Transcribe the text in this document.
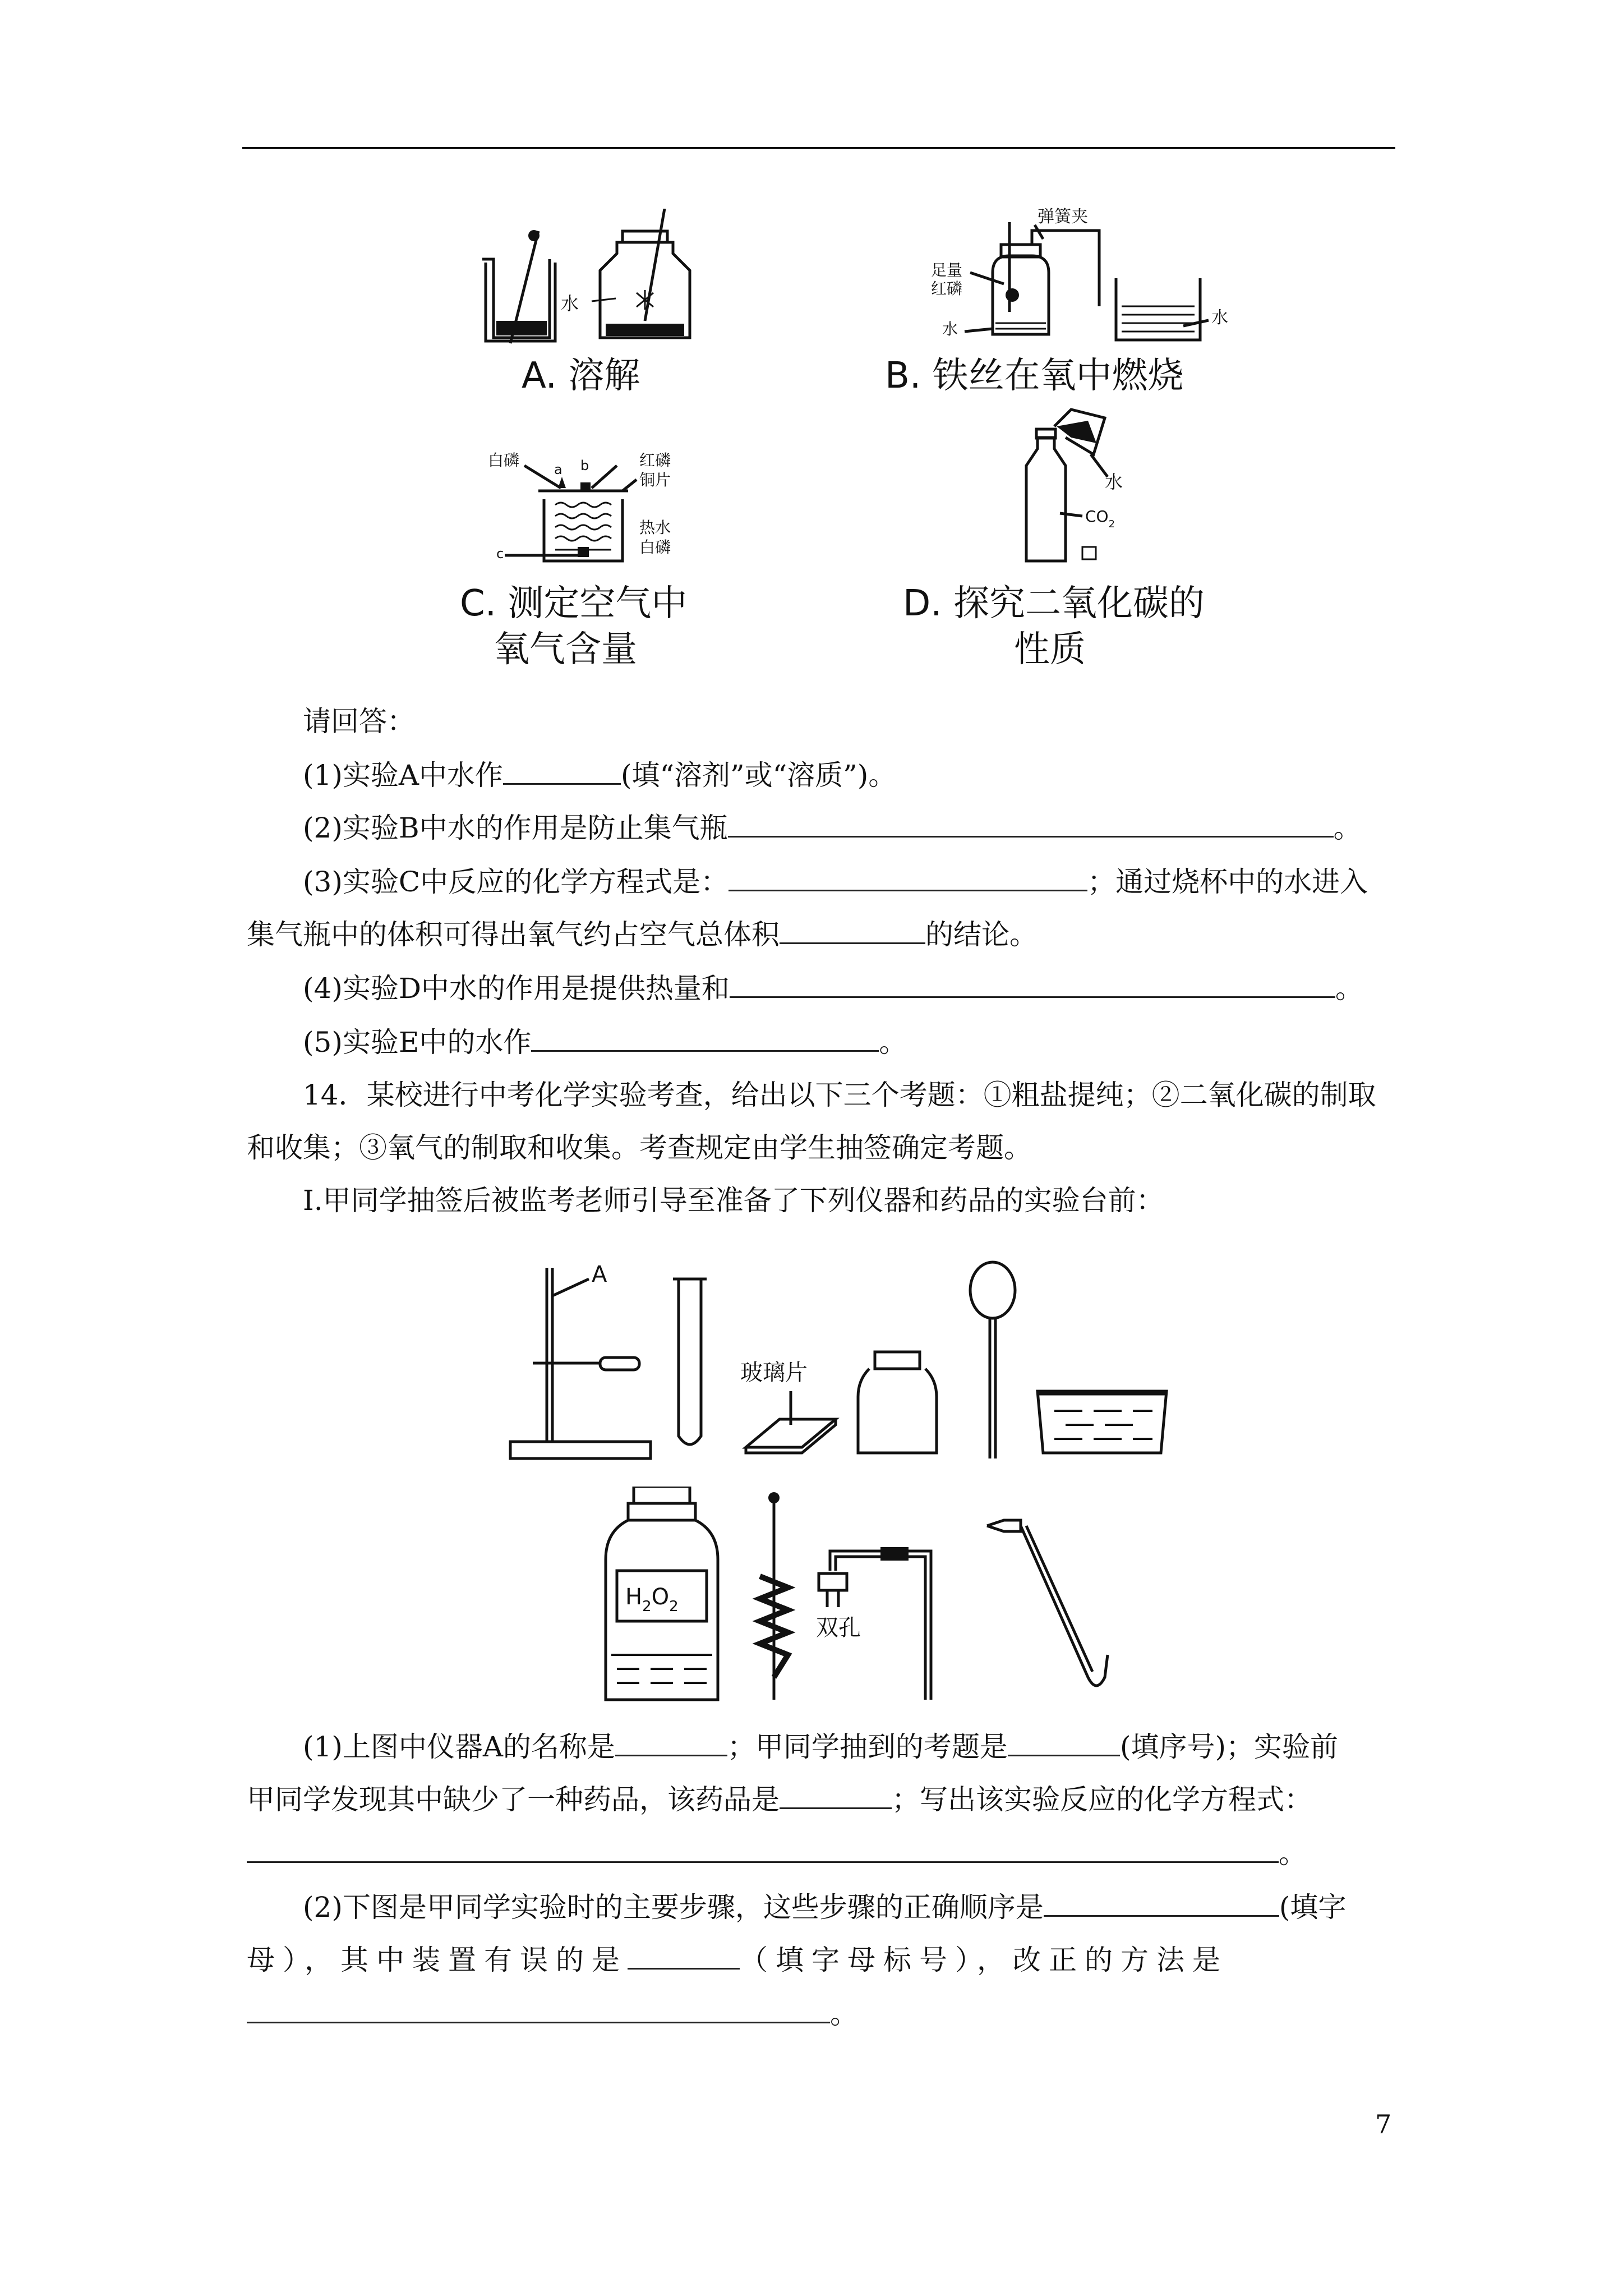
水
A. 溶解
弹簧夹
足量
红磷
水
水
B. 铁丝在氧中燃烧
白磷	a b	红磷
铜片
热水
白磷
c
C. 测定空气中
氧气含量
水
$CO_2$
D. 探究二氧化碳的
性质
请回答：
(1)实验A中水作	(填“溶剂”或“溶质”)。
(2)实验B中水的作用是防止集气瓶	。
(3)实验C中反应的化学方程式是：	；通过烧杯中的水进入
集气瓶中的体积可得出氧气约占空气总体积	的结论。
(4)实验D中水的作用是提供热量和	。
(5)实验E中的水作	。
14．某校进行中考化学实验考查，给出以下三个考题：①粗盐提纯；②二氧化碳的制取
和收集；③氧气的制取和收集。考查规定由学生抽签确定考题。
Ⅰ.甲同学抽签后被监考老师引导至准备了下列仪器和药品的实验台前：
A
玻璃片
$H_2O_2$
双孔
(1)上图中仪器A的名称是	；甲同学抽到的考题是	(填序号)；实验前
甲同学发现其中缺少了一种药品，该药品是	；写出该实验反应的化学方程式：
。
(2)下图是甲同学实验时的主要步骤，这些步骤的正确顺序是	(填字
母），其中装置有误的是	（填字母标号），改正的方法是
。
7
